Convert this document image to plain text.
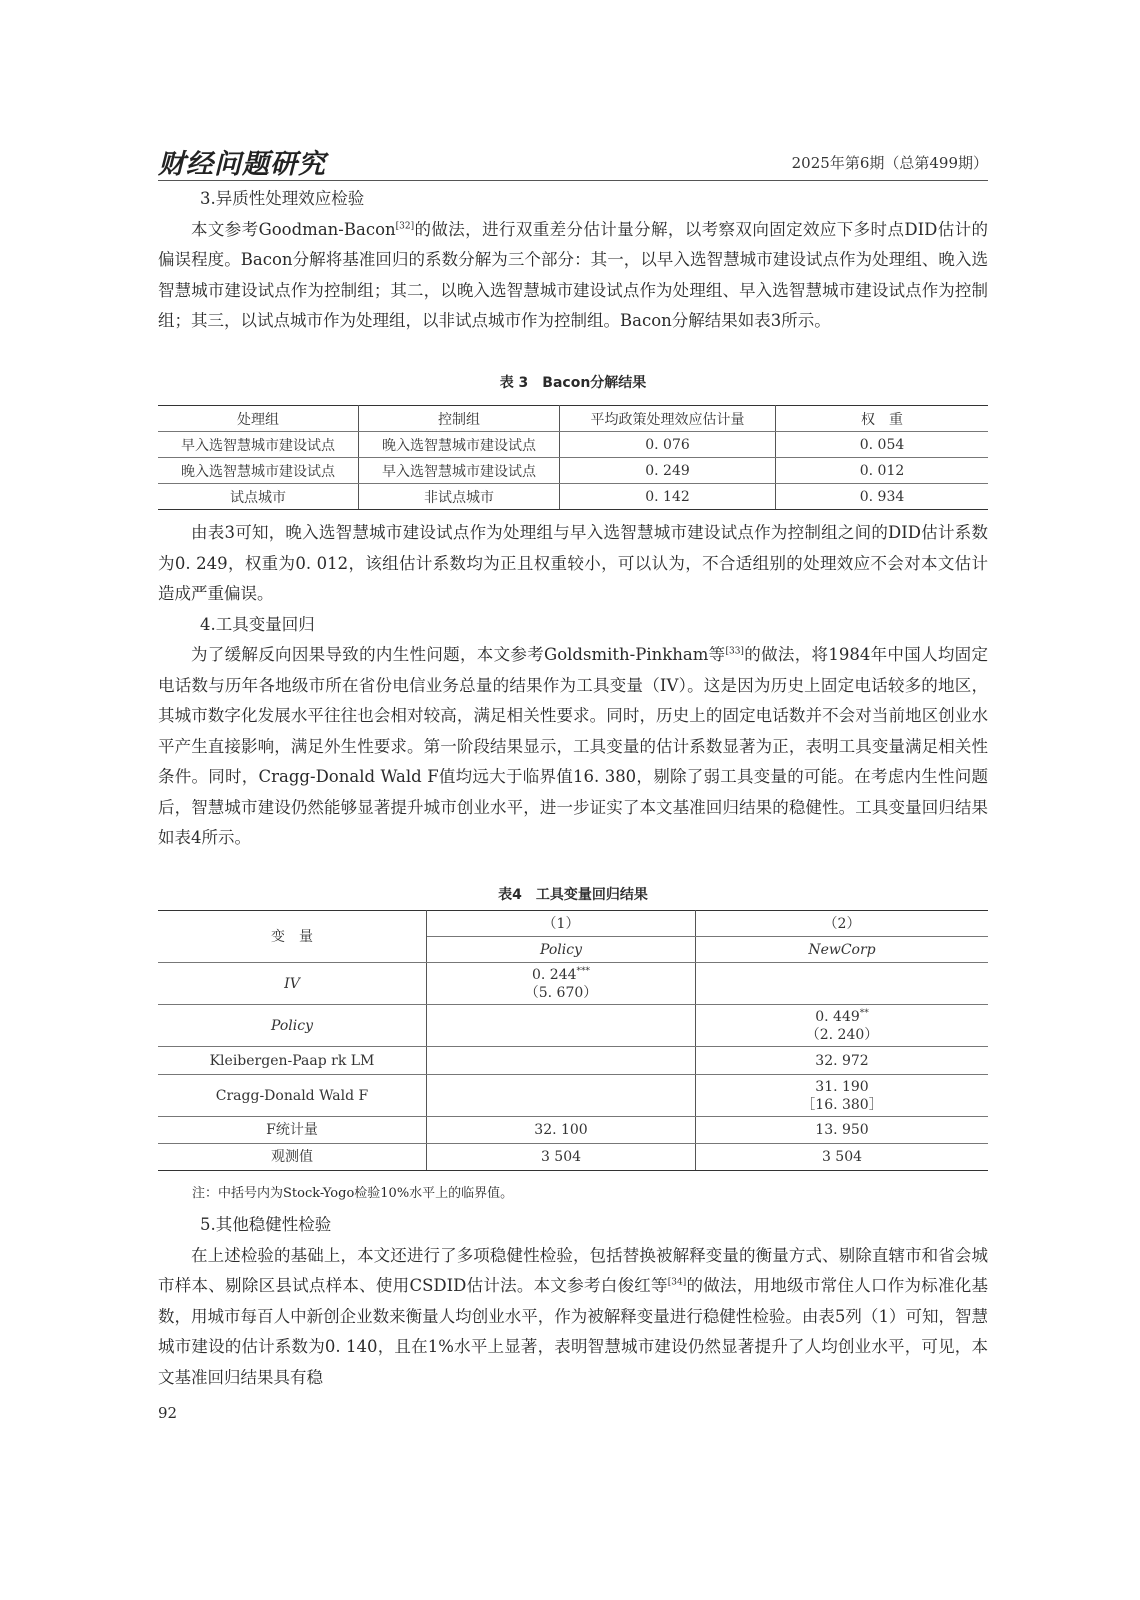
财经问题研究	2025年第6期（总第499期）

3.异质性处理效应检验

本文参考Goodman-Bacon[32]的做法，进行双重差分估计量分解，以考察双向固定效应下多时点DID估计的偏误程度。Bacon分解将基准回归的系数分解为三个部分：其一，以早入选智慧城市建设试点作为处理组、晚入选智慧城市建设试点作为控制组；其二，以晚入选智慧城市建设试点作为处理组、早入选智慧城市建设试点作为控制组；其三，以试点城市作为处理组，以非试点城市作为控制组。Bacon分解结果如表3所示。

表 3　Bacon分解结果
处理组	控制组	平均政策处理效应估计量	权　重
早入选智慧城市建设试点	晚入选智慧城市建设试点	0. 076	0. 054
晚入选智慧城市建设试点	早入选智慧城市建设试点	0. 249	0. 012
试点城市	非试点城市	0. 142	0. 934

由表3可知，晚入选智慧城市建设试点作为处理组与早入选智慧城市建设试点作为控制组之间的DID估计系数为0. 249，权重为0. 012，该组估计系数均为正且权重较小，可以认为，不合适组别的处理效应不会对本文估计造成严重偏误。

4.工具变量回归

为了缓解反向因果导致的内生性问题，本文参考Goldsmith-Pinkham等[33]的做法，将1984年中国人均固定电话数与历年各地级市所在省份电信业务总量的结果作为工具变量（IV）。这是因为历史上固定电话较多的地区，其城市数字化发展水平往往也会相对较高，满足相关性要求。同时，历史上的固定电话数并不会对当前地区创业水平产生直接影响，满足外生性要求。第一阶段结果显示，工具变量的估计系数显著为正，表明工具变量满足相关性条件。同时，Cragg-Donald Wald F值均远大于临界值16. 380，剔除了弱工具变量的可能。在考虑内生性问题后，智慧城市建设仍然能够显著提升城市创业水平，进一步证实了本文基准回归结果的稳健性。工具变量回归结果如表4所示。

表4　工具变量回归结果
变　量	（1）	（2）
	Policy	NewCorp
IV	0. 244***
（5. 670）	
Policy		0. 449**
（2. 240）
Kleibergen-Paap rk LM		32. 972
Cragg-Donald Wald F		31. 190
［16. 380］
F统计量	32. 100	13. 950
观测值	3 504	3 504
注：中括号内为Stock-Yogo检验10%水平上的临界值。

5.其他稳健性检验

在上述检验的基础上，本文还进行了多项稳健性检验，包括替换被解释变量的衡量方式、剔除直辖市和省会城市样本、剔除区县试点样本、使用CSDID估计法。本文参考白俊红等[34]的做法，用地级市常住人口作为标准化基数，用城市每百人中新创企业数来衡量人均创业水平，作为被解释变量进行稳健性检验。由表5列（1）可知，智慧城市建设的估计系数为0. 140，且在1%水平上显著，表明智慧城市建设仍然显著提升了人均创业水平，可见，本文基准回归结果具有稳

92
